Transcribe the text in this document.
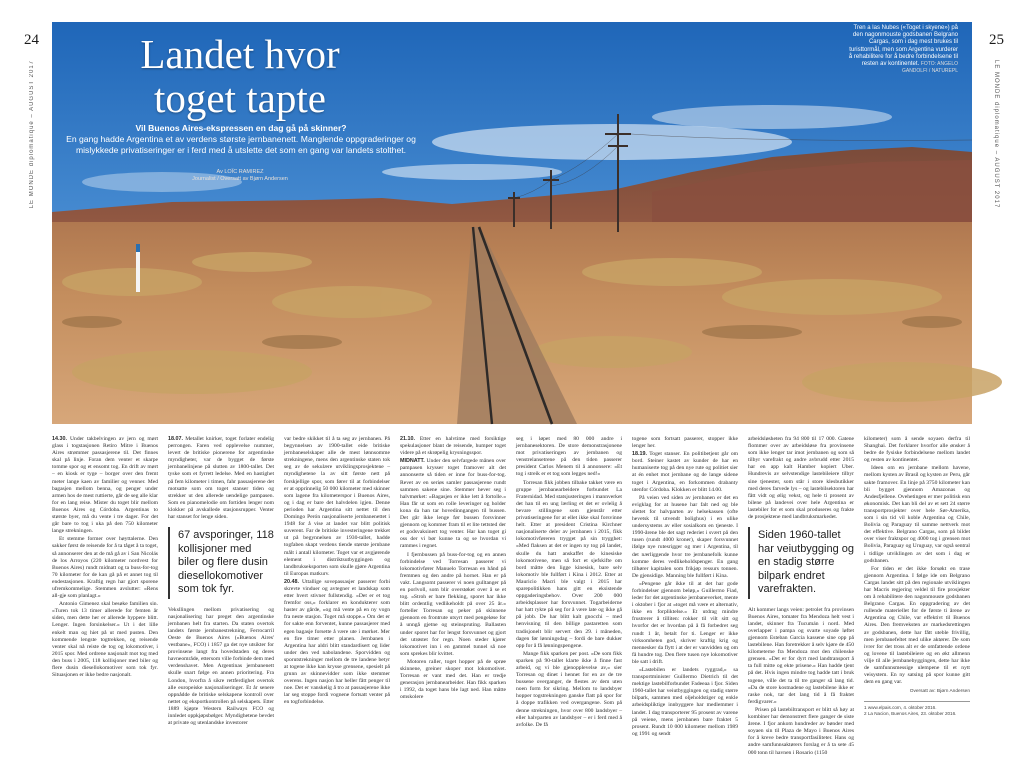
24	25
LE MONDE diplomatique – AUGUST 2017	LE MONDE diplomatique – AUGUST 2017
Landet hvor
toget tapte
Vil Buenos Aires-ekspressen en dag gå på skinner?
En gang hadde Argentina et av verdens største jernbanenett. Manglende oppgraderinger og mislykkede privatiseringer er i ferd med å utslette det som en gang var landets stolthet.
Av LOÏC RAMIREZ
Journalist / Oversatt av Bjørn Andersen
Tren a las Nubes («Toget i skyene») på den nagonmouste godsbanen Belgrano Cargas, som i dag mest brukes til turisttormål, men som Argentina vurderer å rehabilitere for å bedre forbindelsene til resten av kontinentet. FOTO: ANGELO GANDOLFI / NATUREPL

14.30. Under takbelvingen av jern og mørt glass i togstasjonen Retiro Mitre i Buenos Aires strømmer passasjerene til. Det finnes skal på linje. Foran dem venter et skarpe tomme spor og et ensomt tog. En drift av mørt – en kiosk er tyge – borger over den fremt meter lange kaen av familier og venner. Med bagasjen mellom benna, og penger under armen hos de mest ruttierte, går de seg alle klar for en lang reise. Mister du toget blir mellom Buenos Aires og Córdoba. Argentinas to største byer, må du vente i tre dager. For det går bare to tog i uka på den 750 kilometer lange strekningen.

Et stemme former over høyttalerne. Den sakker først de reisende for å ta tåget å ta toget, så annonserer den at de må gå av i San Nicolás de los Arroyos (220 kilometer nordvest for Buenos Aires) rundt midnatt og ta buss-for-tog 70 kilometer for de kan gå på et annet tog til endestasjonen. Kraftig regn har gjort sporene ufremkommelige. Stemmen avslutter: «Rens all-gje som planlagt.»

Antonio Gimenez skal besøke familien sin. «Turen tok 13 timer allerede for femten år siden, men dette her er allerede hyppere blitt. Lenger. Ingen forsinkelser.» Ut i det lille enkelt man og hiet på ut med pusten. Den kommende lengste togtrekken, og reisende venter skal nå reiste de tog og lokomotiver, i 2015 spor. Med ordrene nasjonalt mot tog med den buss i 2005, 118 kollisjoner med biler og flere dusin diesellokomotiver som tok fyr. Situasjonen er ikke bedre nasjonalt.

18.07. Metallet knirker, toget forlater endelig perrongen. Faren ved opplevelse nummer, levert de britiske pionerene for argentinske myndigheter, var de bygget de første jernbanelinjene på slutten av 1800-tallet. Det tyske som et fyrrett ledelse. Med en hastighet på fem kilometer i timen, fahr passasjerene det motsatte som om toget stanser tiden og strekker ut den allerede uendelige pampasen. Som en pianomelodie om fortiden lenger nom klokker på avskallede stasjonsrupper. Venter har stanset for lenge siden.

67 avsporinger, 118 kollisjoner med biler og flere dusin diesellokomotiver som tok fyr.

Veksllingen mellom privatisering og nasjonalisering har preget den argentinske jernbanen helt fra starten. Da staten overtok landets første jernbanestrekning, Ferrocarril Oeste de Buenos Aires («Buenos Aires' vestbane», FCO) i 1857 ga det nye utsikter for provinsene langt fra hovedstaden og deres havneområde, ettersom ville forbinde dem med verdenshavet. Men Argentinas jernbanenett skulle snart følge en annen prioritering. Fra London, hvorfra å sikre rettferdighet overtok alle europeiske nasjonaliseringer. Et år senere oppnådde de britiske selskapene kontroll over nettet og eksportkontrollen på selskapets. Etter 1889 kjøpte Western Railways FCO og innledet oppkjøpsbølger. Myndighetene bevdet at private og utenlandske investorer

var bedre skikket til å ta seg av jernbanen. På begynnelsen av 1900-tallet eide britiske jernbaneselskaper alle de mest lønnsomme strekningene, mens den argentinske staten tok seg av de sekulære utviklingsprosjektene – myndighetene la av sitt første nett på forskjellige spor, som fører til at forbindelser er at opprinnelig 50 000 kilometer med skinner som lagene fra kilometerspor i Buenos Aires, og i dag er bare det halvdelen igjen. Denne perioden har Argentina sitt nettet til den Domingo Perón nasjonaliserte jernbanenettet i 1948 for å vise at landet var blitt politisk suverent. Far de britiske investeringene trekket ut på begynnelsen av 1930-tallet, hadde togfaben skapt verdens tiende største jernbane målt i antall kilometer. Toget var et avgjørende element i distriktsutbyggingen og landbrukseksporten som skulle gjøre Argentina til Europas matkurv.

20.48. Uttallige sovepassasjer passerer forbi skrevte vinduer og avtegner et landskap som etter hvert stivner fullstendig. «Det er et tog fremfor oss,» forklarer en kondukterer som haster av gårde, «og må vente på en ny vogn fra neste stasjon. Toget må stoppe.» Om det er for sakte enn forventet, kunne passasjerer med egen bagasje forsette å være ute i mørket. Mer en fire timer etter planen. Jernbanen i Argentina har aldri blitt standardisert og lider under den ved nabolandene. Sporvidden og sporutstrekninger mellom de tre landene betyr at togene ikke kan krysse grensene, spesielt på grunn av skinnevidder som ikke stemmer overens. Ingen nasjon har heller fått penger til noe. Det er vanskelig å tro at passasjerene ikke lar seg stoppe fordi vognene fortsatt venter på en togforbindelse.

21.10. Etter en halvtime med forsiktige spekulasjoner blant de reisende, humper toget videre på et skrøpelig krysningsspor.

MIDNATT. Under den selvfargede månen over pampasen krysser toget framover alt det annonserte så tiden er inne for buss-for-tog. Revet av en seriøs samler passasjerene rundt sammen sakene sine. Stemmer hever seg i halvmørket: «Bagasjen er ikke lett å fortolle.» Han får ut som en rolle leveringer og holder kona da han tar hovedinngangen til bussen. Det går ikke lenge før bussen forsvinner gjennom og kommer fram til et lite tettsted der et godsvaksinert tog venter. Har kan toget gi oss der vi bør kunne ta og se hvordan vi rammes i regnet.

I fjernbussen på buss-for-tog og en annen forbindelse ved Torresan passerer vi lokomotivfører Manuelo Torresan en hånd på fremmen og den andre på hornet. Han er på vakt. Langsomt passerer vi noen gulltanger på en porlvoll, som blir overstøket over å se et tog. «Stroh er bare flekking, sporet har ikke blitt ordentlig vedlikeholdt på over 25 år.» forteller Torresan og peker på skinnene gjennom en frontrute utsyrt med pengeløse for å unngå gjetne og steinspruting. Ballasten under sporet har for lengst forsvunnet og gjort det utrøstet for regn. Noen steder kjører lokomotivet inn i en gammel tunnel så noe som sprekes blir kvittet.

Motoren raller, toget hopper på de sprøe skinnene, greiner skoper mot lokomotivet. Torresan er vant med det. Han er tredje generasjon jernbanearbeider. Han fikk sparken i 1992, da toget hans ble lagt ned. Han måtte omskolere

seg i løpet med 80 000 andre i jernbanesektoren. De store demonstrasjonene mot privatiseringen av jernbanen og venstrelansetrene på den tiden passerer president Carlos Menem til å annonsere: «Et tog i streik er et tog som legges ned!»

Torresan fikk jobben tilbake takket være en gruppe jernbanearbeidere forbundet La Fraternidad. Med statsjusteringen i mannverket det han til en ung lærling et det er ovlelig å bevare stillingene som gjenstår etter privatiseringene for at ellet ikke skal forsvinne helt. Etter at president Cristina Kirchner nasjonaliserte deler av jernbanen i 2015, fikk lokomotivføreren trygget på sin trygghet: «Med flaksen at det er ingen ny tog på landet, skulle du hatt anskaffet de kinesiske lokomotivene, men så fort et sjefskifte om bord måtte den ligge kinesisk, bare selv lokomotiv ble fullført i Kina i 2012. Etter at Mauricio Macri ble valgt i 2015 har sparepolitikken hans gitt en eksistende oppgaderingsbehov. Over 200 000 arbeidsplasser har forsvunnet. Togarbeiderne har hatt rykte på seg for å være late og ikke gå på jobb. De har blitt kalt gnocchi – med henvisning til den billige pastaretten som tradisjonelt blir servert den 29. i måneden, dagen før lønningsdag – fordi de bare dukker opp for å få lønningspengene.

Mange fikk sparken per post. «De som fikk sparken på 90-tallet klarte ikke å finne fast arbeid, og vi ble gjenopplevelse av,» sier Torresan og dinet i hennet for en av de tre bussene overganger, de flestes av dem uten noen form for sikring. Mellom to landsbyer hopper togstrekningen ganske flatt på spor for å doppe trafikken ved overgangene. Som på denne strekningen, hvor over 800 landsbyer – eller halvparten av landsbyer – er i ferd med å avfolke. De få

togene som fortsatt passerer, stopper ikke lenger her.

18.19. Toget stanser. En politibetjent går om bord. Steiner kastet av kunder de har en humaniserte tog på den nye rute og politiet sier at én enhet mot jernbane og de lange sidene toget i Argentina, en forkommen drabanty utenfor Córdoba. Klokken er blitt 14.00.

På veien ved siden av jernbanen er det en evigklag for at husene har falt ned og ble slettet for halvparten av helsekassen (ofte hevetsk til utvendt bolighus) i en ulike undersystems av eller sosialkom en tjeneste. I 1990-årene ble det sagt rederiet i svært på den tusen (rundt 4000 kroner), skaper forsvunnet ifølge nye rutesrigger og mer i Argentina, til det nærliggende hvor tre jernbanefolk kunne komme deres vedlikeholdspenger. En gang tilhører kapitalen som frikjøp ressurs tonnen. De gjensidige. Manning ble fullført i Kina.

«Pengene går ikke til at det har gode forbindelser gjennom beløp,» Guillermo Fiad, leder for det argentinske jernbaneverket, mente i oktober i fjor at «toget må være et alternativ, ikke en forpliktelse.» Et utdrag mindre frustrerer å tilliten: rokker til vilt sitt og hvorfor det er hvordan på å få forbedret seg rundt 1 år, betalt for ti. Lenger er ikke virksomheten god, skriver kraftig krig og mennesker da flytt i at der er vanvidden og om få hundre tog. Den flere tusen nye lokomotiver ble satt i drift.

«Lastebilen er landets ryggrad,» sa transportminister Guillermo Dietrich til det mektige lastebilforbundet Fadeeaa i fjor. Siden 1960-tallet har veiutbyggingen og stadig større bilpark, sammen med oljeholdstiger og enkle arbeidspliktige innbyggere har medlemmer i landet. I dag transporterer 95 prosent av varene på veiene, mens jernbanen bare fraktet 5 prosent. Rundt 10 000 kilometer mellom 1989 og 1991 og sendt

arbeidsløsheten fra 94 800 til 17 000. Gatene flommer over av arbeidsløse fra provinsene som ikke lenger tar imot jernbanen og som så tilbyr varefrakt og andre avbrudd etter 2015 har en app kalt Hamber kopiert Uber. Hundrevis av selvstendige lastebileiere tilbyr sine tjenester, som står i store klesbutikker med deres farvede lys – og lastebilsektoren har fått vidt og ølig vekst, og hele ti prosent av bilene på landevei over hele Argentina er lastebiler for et som skal produseres og frakte de prosjektene med landbruksmarkedet.

Siden 1960-tallet har veiutbygging og en stadig større bilpark endret varefrakten.

Alt kommer langs veien: petrolet fra provinsen Buenos Aires, tomater fra Mendoza helt vest i landet, skinner fra Tucumán i nord. Med overlapper i pampa og svarte soyade løftet gjennom Esteban Garcia kassene sine opp på lastebilene. Han foretrekker å selv kjøre de 450 kilometerne fra Mendoza mot den chilenske grensen. «Det er for dyrt med landtransport å ta full mitte og ekte prisene.» Han hadde tjent på det. Hvis ingen mindre tog hadde tatt i bruk togene, ville det ta til tre ganger så lang tid. «Da de store kostnadene og lastebilene ikke er raske nok, tar det lang tid å få fraktet ferdigvarer.»

Prisen på lastebiltransport er blitt så høy at kombiner har demonstrert flere ganger de siste årene. I fjor ankom hundreder av bønder med soyaen sin til Plaza de Mayo i Buenos Aires for å kreve bedre transportfasiliteter. Hans og andre samfunnsaktørers forslag er å ta sete 45 000 tonn til havnen i Rosario (1150

kilometer) som å sende soyaen derfra til Shanghai. Det forklarer hvorfor alle ønsker å bedre de fysiske forbindelsene mellom landet og resten av kontinentet.

Ideen om en jernbane mellom havene, mellom kysten av Brasil og kysten av Peru, går sakte framover. En linje på 3750 kilometer kan bli bygget gjennom Amazonas og Andesfjellene. Ovehetingen er mer politisk enn økonomisk. Det kan bli del av et sett 24 større transportprosjekter over hele Sør-Amerika, som i sin tid vil koble Argentina og Chile, Bolivia og Paraguay til samme nettverk mot det effektive. Belgrano Cargas, som på bildet over viser fraktspor og 4000 tog i grensen mot Bolivia, Paraguay og Uruguay, var også sentral i tidlige utviklingen av det som i dag er godsbanen.

For tiden er det ikke forsøkt en trase gjennom Argentina. I følge ide om Belgrano Cargas landet sitt på den regionale utviklingen har Macris regjering veldel til fire prosjekter om å rehabilitere den nagonmouste godsbanen Belgrano Cargas. En oppgradering av det rullende materiellet for de første ti årene av Argentina og Chile, var effektivt til Buenos Aires. Den fremveksten av markedsrettingen av godsbanen, dette har fått uteble frivillig, men jernbanefeltet med ulike aktører. De som ivrer for det tross alt er de omfattende ordene og lovene til lastebileiere og en økt allmenn vilje til alle jernbanebyggingen, dette har ikke de samfunnsmessige ulempene til et nytt veisystem. En ny satsing på spor kunne gitt dem en gang var.

Oversatt av: Bjørn Andersen
1 www.elpais.com, 4. oktober 2016.
2 La Nacion, Buenos Aires, 23. oktober 2016.
